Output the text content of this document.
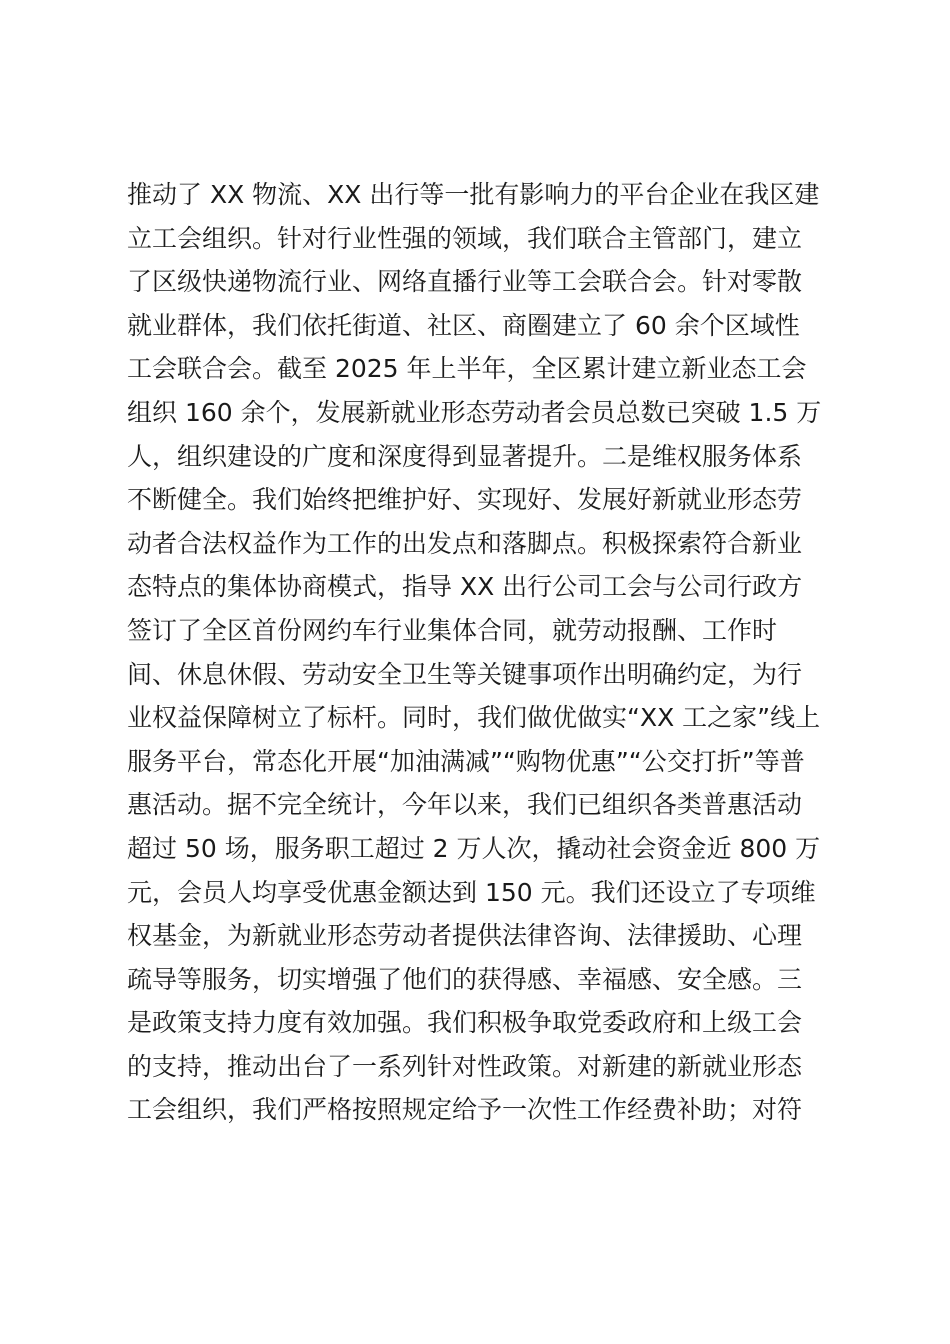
推动了 XX 物流、XX 出行等一批有影响力的平台企业在我区建
立工会组织。针对行业性强的领域，我们联合主管部门，建立
了区级快递物流行业、网络直播行业等工会联合会。针对零散
就业群体，我们依托街道、社区、商圈建立了 60 余个区域性
工会联合会。截至 2025 年上半年，全区累计建立新业态工会
组织 160 余个，发展新就业形态劳动者会员总数已突破 1.5 万
人，组织建设的广度和深度得到显著提升。二是维权服务体系
不断健全。我们始终把维护好、实现好、发展好新就业形态劳
动者合法权益作为工作的出发点和落脚点。积极探索符合新业
态特点的集体协商模式，指导 XX 出行公司工会与公司行政方
签订了全区首份网约车行业集体合同，就劳动报酬、工作时
间、休息休假、劳动安全卫生等关键事项作出明确约定，为行
业权益保障树立了标杆。同时，我们做优做实“XX 工之家”线上
服务平台，常态化开展“加油满减”“购物优惠”“公交打折”等普
惠活动。据不完全统计，今年以来，我们已组织各类普惠活动
超过 50 场，服务职工超过 2 万人次，撬动社会资金近 800 万
元，会员人均享受优惠金额达到 150 元。我们还设立了专项维
权基金，为新就业形态劳动者提供法律咨询、法律援助、心理
疏导等服务，切实增强了他们的获得感、幸福感、安全感。三
是政策支持力度有效加强。我们积极争取党委政府和上级工会
的支持，推动出台了一系列针对性政策。对新建的新就业形态
工会组织，我们严格按照规定给予一次性工作经费补助；对符
